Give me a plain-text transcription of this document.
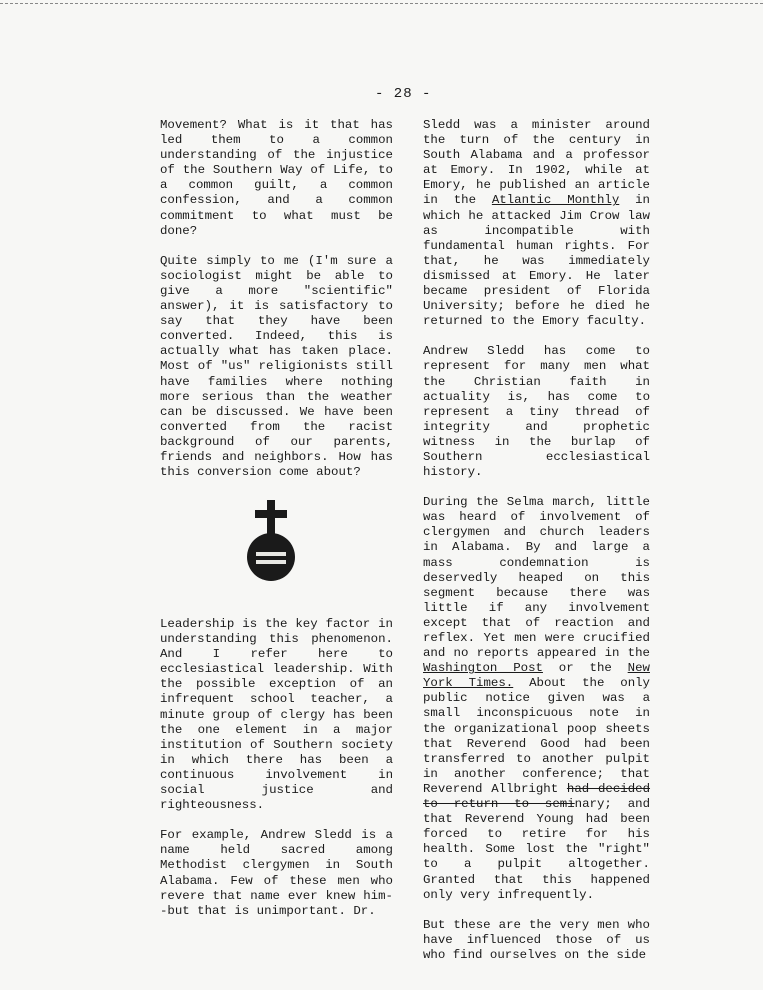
- 28 -

Movement? What is it that has led them to a common understanding of the injustice of the Southern Way of Life, to a common guilt, a common confession, and a common commitment to what must be done?

Quite simply to me (I'm sure a sociologist might be able to give a more "scientific" answer), it is satisfactory to say that they have been converted. Indeed, this is actually what has taken place. Most of "us" religionists still have families where nothing more serious than the weather can be discussed. We have been converted from the racist background of our parents, friends and neighbors. How has this conversion come about?

Leadership is the key factor in understanding this phenomenon. And I refer here to ecclesiastical leadership. With the possible exception of an infrequent school teacher, a minute group of clergy has been the one element in a major institution of Southern society in which there has been a continuous involvement in social justice and righteousness.

For example, Andrew Sledd is a name held sacred among Methodist clergymen in South Alabama. Few of these men who revere that name ever knew him--but that is unimportant. Dr.

Sledd was a minister around the turn of the century in South Alabama and a professor at Emory. In 1902, while at Emory, he published an article in the Atlantic Monthly in which he attacked Jim Crow law as incompatible with fundamental human rights. For that, he was immediately dismissed at Emory. He later became president of Florida University; before he died he returned to the Emory faculty.

Andrew Sledd has come to represent for many men what the Christian faith in actuality is, has come to represent a tiny thread of integrity and prophetic witness in the burlap of Southern ecclesiastical history.

During the Selma march, little was heard of involvement of clergymen and church leaders in Alabama. By and large a mass condemnation is deservedly heaped on this segment because there was little if any involvement except that of reaction and reflex. Yet men were crucified and no reports appeared in the Washington Post or the New York Times. About the only public notice given was a small inconspicuous note in the organizational poop sheets that Reverend Good had been transferred to another pulpit in another conference; that Reverend Allbright had decided to return to seminary; and that Reverend Young had been forced to retire for his health. Some lost the "right" to a pulpit altogether. Granted that this happened only very infrequently.

But these are the very men who have influenced those of us who find ourselves on the side
